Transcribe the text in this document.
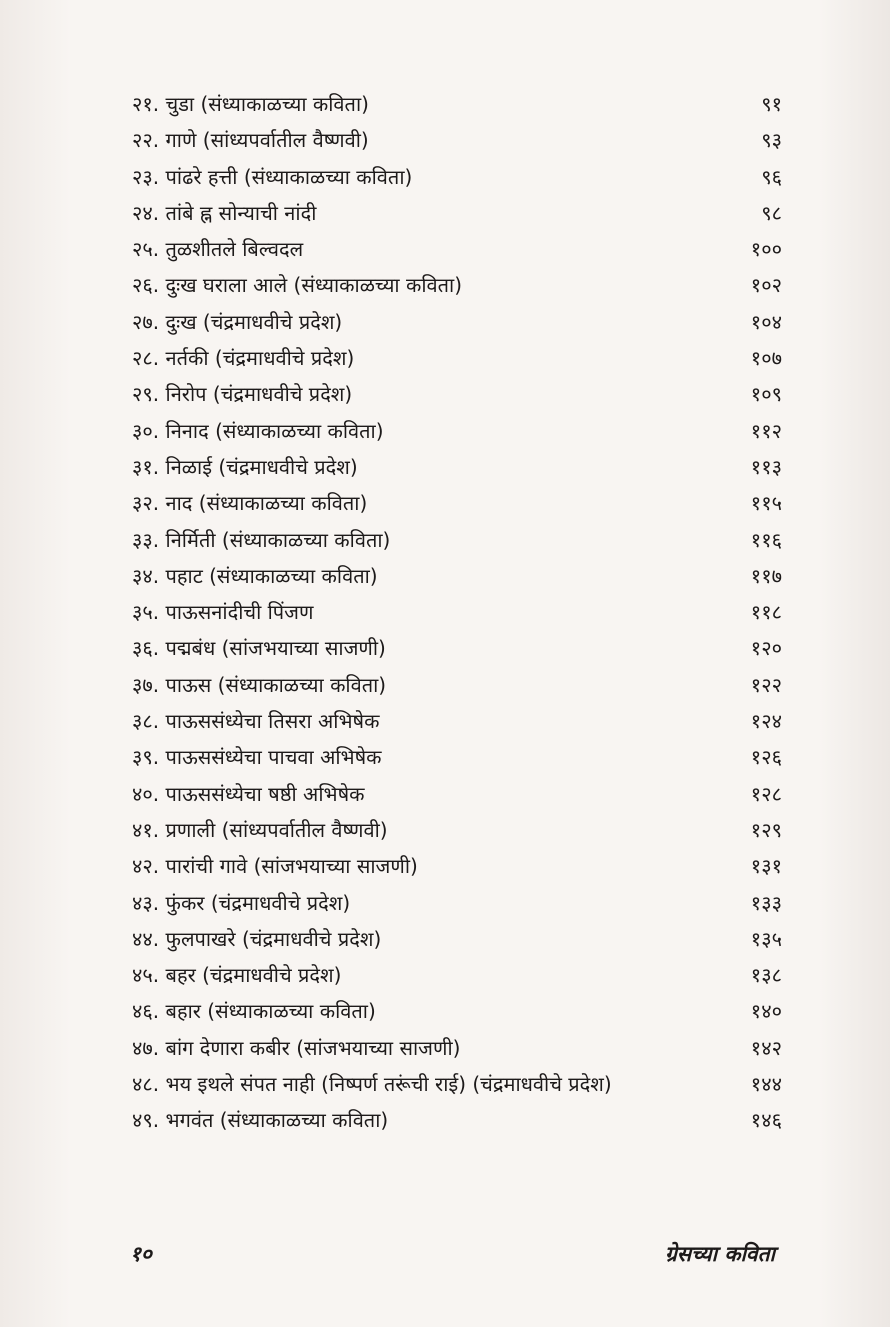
२१. चुडा (संध्याकाळच्या कविता)	९१
२२. गाणे (सांध्यपर्वातील वैष्णवी)	९३
२३. पांढरे हत्ती (संध्याकाळच्या कविता)	९६
२४. तांबे ह्न सोन्याची नांदी	९८
२५. तुळशीतले बिल्वदल	१००
२६. दुःख घराला आले (संध्याकाळच्या कविता)	१०२
२७. दुःख (चंद्रमाधवीचे प्रदेश)	१०४
२८. नर्तकी (चंद्रमाधवीचे प्रदेश)	१०७
२९. निरोप (चंद्रमाधवीचे प्रदेश)	१०९
३०. निनाद (संध्याकाळच्या कविता)	११२
३१. निळाई (चंद्रमाधवीचे प्रदेश)	११३
३२. नाद (संध्याकाळच्या कविता)	११५
३३. निर्मिती (संध्याकाळच्या कविता)	११६
३४. पहाट (संध्याकाळच्या कविता)	११७
३५. पाऊसनांदीची पिंजण	११८
३६. पद्मबंध (सांजभयाच्या साजणी)	१२०
३७. पाऊस (संध्याकाळच्या कविता)	१२२
३८. पाऊससंध्येचा तिसरा अभिषेक	१२४
३९. पाऊससंध्येचा पाचवा अभिषेक	१२६
४०. पाऊससंध्येचा षष्ठी अभिषेक	१२८
४१. प्रणाली (सांध्यपर्वातील वैष्णवी)	१२९
४२. पारांची गावे (सांजभयाच्या साजणी)	१३१
४३. फुंकर (चंद्रमाधवीचे प्रदेश)	१३३
४४. फुलपाखरे (चंद्रमाधवीचे प्रदेश)	१३५
४५. बहर (चंद्रमाधवीचे प्रदेश)	१३८
४६. बहार (संध्याकाळच्या कविता)	१४०
४७. बांग देणारा कबीर (सांजभयाच्या साजणी)	१४२
४८. भय इथले संपत नाही (निष्पर्ण तरूंची राई) (चंद्रमाधवीचे प्रदेश)	१४४
४९. भगवंत (संध्याकाळच्या कविता)	१४६
१०	ग्रेसच्या कविता
